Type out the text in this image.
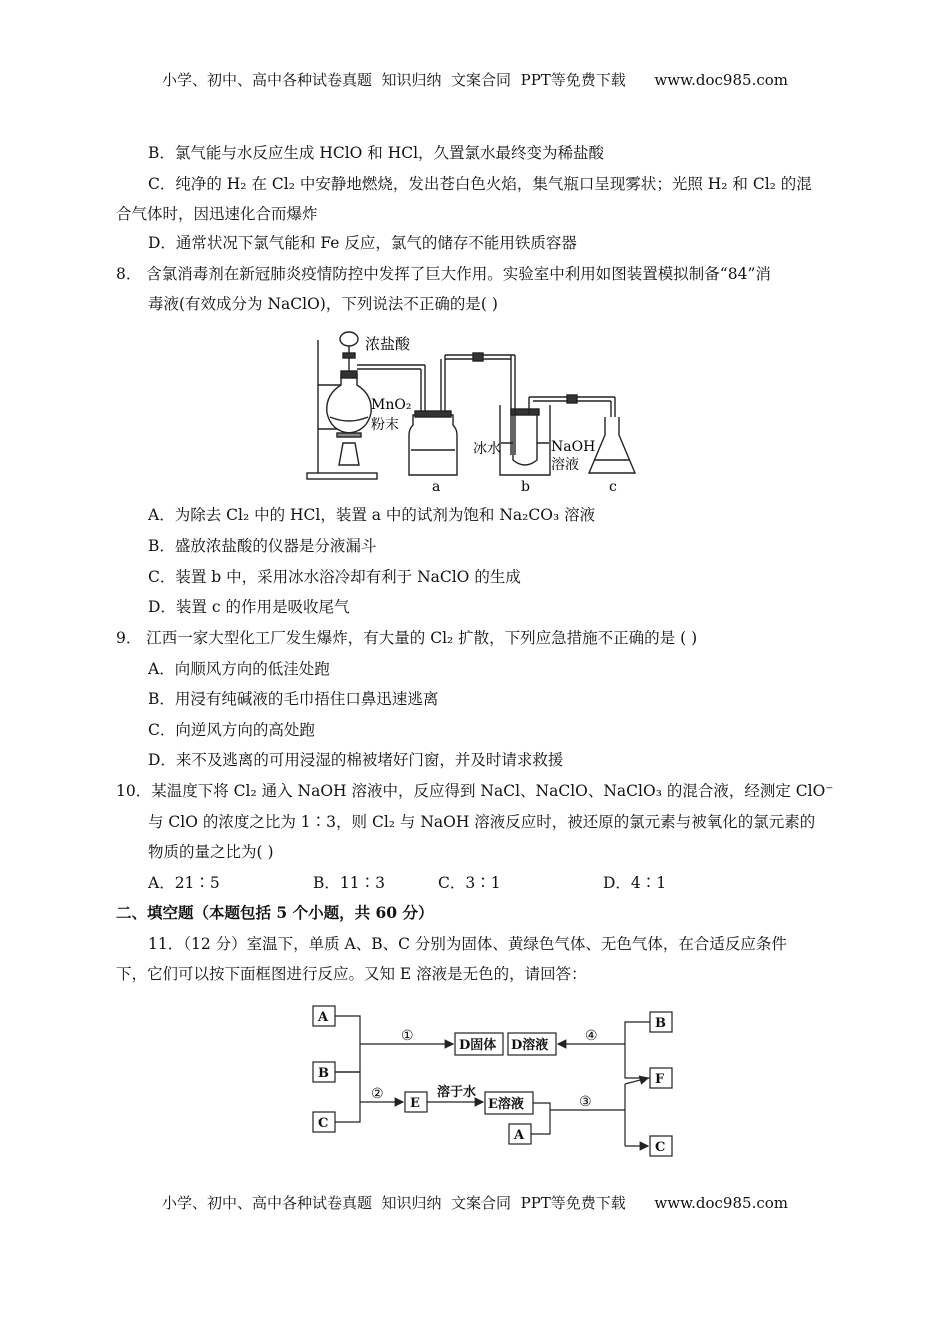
小学、初中、高中各种试卷真题  知识归纳  文案合同  PPT等免费下载      www.doc985.com
B．氯气能与水反应生成 HClO 和 HCl，久置氯水最终变为稀盐酸
C．纯净的 H₂ 在 Cl₂ 中安静地燃烧，发出苍白色火焰，集气瓶口呈现雾状；光照 H₂ 和 Cl₂ 的混
合气体时，因迅速化合而爆炸
D．通常状况下氯气能和 Fe 反应，氯气的储存不能用铁质容器
8． 含氯消毒剂在新冠肺炎疫情防控中发挥了巨大作用。实验室中利用如图装置模拟制备“84”消
毒液(有效成分为 NaClO)，下列说法不正确的是( )
浓盐酸
MnO₂
粉末
冰水	NaOH
溶液
a	b	c
A．为除去 Cl₂ 中的 HCl，装置 a 中的试剂为饱和 Na₂CO₃ 溶液
B．盛放浓盐酸的仪器是分液漏斗
C．装置 b 中，采用冰水浴冷却有利于 NaClO 的生成
D．装置 c 的作用是吸收尾气
9． 江西一家大型化工厂发生爆炸，有大量的 Cl₂ 扩散，下列应急措施不正确的是 ( )
A．向顺风方向的低洼处跑
B．用浸有纯碱液的毛巾捂住口鼻迅速逃离
C．向逆风方向的高处跑
D．来不及逃离的可用浸湿的棉被堵好门窗，并及时请求救援
10．某温度下将 Cl₂ 通入 NaOH 溶液中，反应得到 NaCl、NaClO、NaClO₃ 的混合液，经测定 ClO⁻
与 ClO 的浓度之比为 1∶3，则 Cl₂ 与 NaOH 溶液反应时，被还原的氯元素与被氧化的氯元素的
物质的量之比为( )
A．21∶5	B．11∶3	C．3∶1	D．4∶1
二、填空题（本题包括 5 个小题，共 60 分）
11．（12 分）室温下，单质 A、B、C 分别为固体、黄绿色气体、无色气体，在合适反应条件
下，它们可以按下面框图进行反应。又知 E 溶液是无色的，请回答：
A
B
C
D固体 D溶液
B
F
E	E溶液
A
C
溶于水
①	④
②	③
小学、初中、高中各种试卷真题  知识归纳  文案合同  PPT等免费下载      www.doc985.com
